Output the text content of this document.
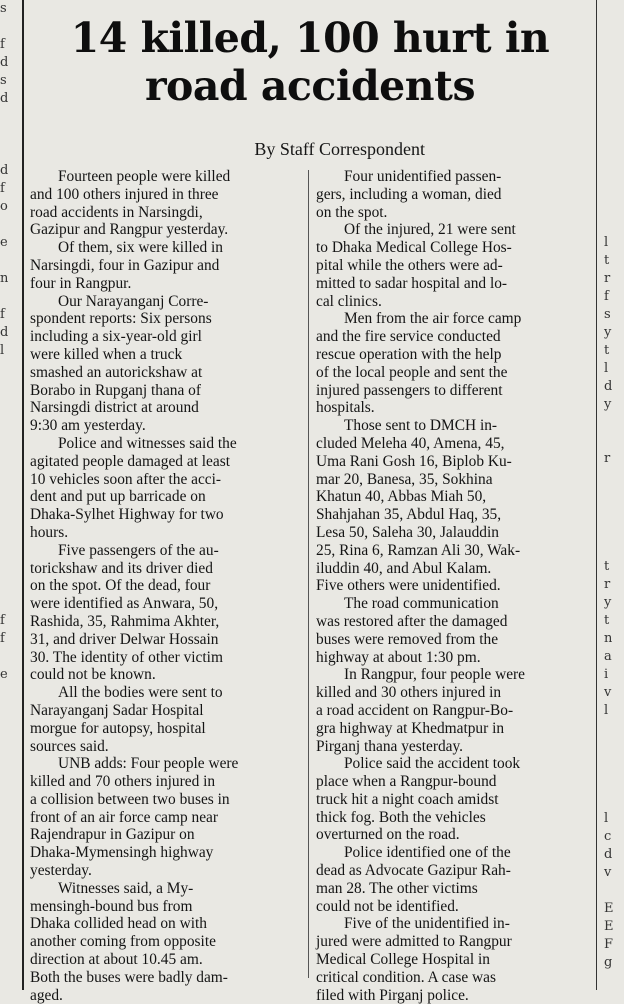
s
f
d
s
d
d
f
o
e
n
f
d
l
f
f
e
14 killed, 100 hurt in
road accidents
By Staff Correspondent
Fourteen people were killed
and 100 others injured in three
road accidents in Narsingdi,
Gazipur and Rangpur yesterday.
Of them, six were killed in
Narsingdi, four in Gazipur and
four in Rangpur.
Our Narayanganj Corre-
spondent reports: Six persons
including a six-year-old girl
were killed when a truck
smashed an autorickshaw at
Borabo in Rupganj thana of
Narsingdi district at around
9:30 am yesterday.
Police and witnesses said the
agitated people damaged at least
10 vehicles soon after the acci-
dent and put up barricade on
Dhaka-Sylhet Highway for two
hours.
Five passengers of the au-
torickshaw and its driver died
on the spot. Of the dead, four
were identified as Anwara, 50,
Rashida, 35, Rahmima Akhter,
31, and driver Delwar Hossain
30. The identity of other victim
could not be known.
All the bodies were sent to
Narayanganj Sadar Hospital
morgue for autopsy, hospital
sources said.
UNB adds: Four people were
killed and 70 others injured in
a collision between two buses in
front of an air force camp near
Rajendrapur in Gazipur on
Dhaka-Mymensingh highway
yesterday.
Witnesses said, a My-
mensingh-bound bus from
Dhaka collided head on with
another coming from opposite
direction at about 10.45 am.
Both the buses were badly dam-
aged.
Four unidentified passen-
gers, including a woman, died
on the spot.
Of the injured, 21 were sent
to Dhaka Medical College Hos-
pital while the others were ad-
mitted to sadar hospital and lo-
cal clinics.
Men from the air force camp
and the fire service conducted
rescue operation with the help
of the local people and sent the
injured passengers to different
hospitals.
Those sent to DMCH in-
cluded Meleha 40, Amena, 45,
Uma Rani Gosh 16, Biplob Ku-
mar 20, Banesa, 35, Sokhina
Khatun 40, Abbas Miah 50,
Shahjahan 35, Abdul Haq, 35,
Lesa 50, Saleha 30, Jalauddin
25, Rina 6, Ramzan Ali 30, Wak-
iluddin 40, and Abul Kalam.
Five others were unidentified.
The road communication
was restored after the damaged
buses were removed from the
highway at about 1:30 pm.
In Rangpur, four people were
killed and 30 others injured in
a road accident on Rangpur-Bo-
gra highway at Khedmatpur in
Pirganj thana yesterday.
Police said the accident took
place when a Rangpur-bound
truck hit a night coach amidst
thick fog. Both the vehicles
overturned on the road.
Police identified one of the
dead as Advocate Gazipur Rah-
man 28. The other victims
could not be identified.
Five of the unidentified in-
jured were admitted to Rangpur
Medical College Hospital in
critical condition. A case was
filed with Pirganj police.
l
t
r
f
s
y
t
l
d
y
r
t
r
y
t
n
a
i
v
l
l
c
d
v
E
E
F
g
